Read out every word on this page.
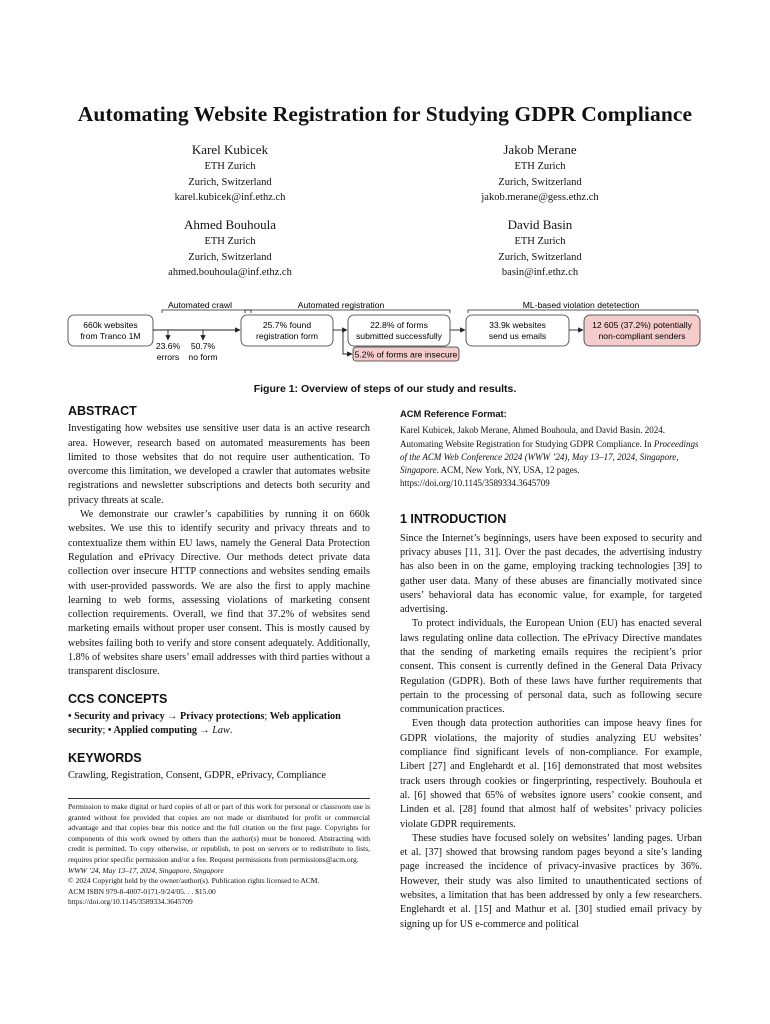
Automating Website Registration for Studying GDPR Compliance
Karel Kubicek
ETH Zurich
Zurich, Switzerland
karel.kubicek@inf.ethz.ch
Jakob Merane
ETH Zurich
Zurich, Switzerland
jakob.merane@gess.ethz.ch
Ahmed Bouhoula
ETH Zurich
Zurich, Switzerland
ahmed.bouhoula@inf.ethz.ch
David Basin
ETH Zurich
Zurich, Switzerland
basin@inf.ethz.ch
Automated crawl	Automated registration	ML-based violation detetection
660k websites
from Tranco 1M
23.6%
errors
50.7%
no form
25.7% found
registration form
22.8% of forms
submitted successfully
5.2% of forms are insecure
33.9k websites
send us emails
12 605 (37.2%) potentially
non-compliant senders
Figure 1: Overview of steps of our study and results.
ABSTRACT

Investigating how websites use sensitive user data is an active research area. However, research based on automated measurements has been limited to those websites that do not require user authentication. To overcome this limitation, we developed a crawler that automates website registrations and newsletter subscriptions and detects both security and privacy threats at scale.

We demonstrate our crawler’s capabilities by running it on 660k websites. We use this to identify security and privacy threats and to contextualize them within EU laws, namely the General Data Protection Regulation and ePrivacy Directive. Our methods detect private data collection over insecure HTTP connections and websites sending emails with user-provided passwords. We are also the first to apply machine learning to web forms, assessing violations of marketing consent collection requirements. Overall, we find that 37.2% of websites send marketing emails without proper user consent. This is mostly caused by websites failing both to verify and store consent adequately. Additionally, 1.8% of websites share users’ email addresses with third parties without a transparent disclosure.

CCS CONCEPTS

• Security and privacy → Privacy protections; Web application security; • Applied computing → Law.

KEYWORDS

Crawling, Registration, Consent, GDPR, ePrivacy, Compliance

Permission to make digital or hard copies of all or part of this work for personal or classroom use is granted without fee provided that copies are not made or distributed for profit or commercial advantage and that copies bear this notice and the full citation on the first page. Copyrights for components of this work owned by others than the author(s) must be honored. Abstracting with credit is permitted. To copy otherwise, or republish, to post on servers or to redistribute to lists, requires prior specific permission and/or a fee. Request permissions from permissions@acm.org.

WWW ’24, May 13–17, 2024, Singapore, Singapore

© 2024 Copyright held by the owner/author(s). Publication rights licensed to ACM.

ACM ISBN 979-8-4007-0171-9/24/05. . . $15.00

https://doi.org/10.1145/3589334.3645709

ACM Reference Format:

Karel Kubicek, Jakob Merane, Ahmed Bouhoula, and David Basin. 2024. Automating Website Registration for Studying GDPR Compliance. In Proceedings of the ACM Web Conference 2024 (WWW ’24), May 13–17, 2024, Singapore, Singapore. ACM, New York, NY, USA, 12 pages. https://doi.org/10.1145/3589334.3645709

1 INTRODUCTION

Since the Internet’s beginnings, users have been exposed to security and privacy abuses [11, 31]. Over the past decades, the advertising industry has also been in on the game, employing tracking technologies [39] to gather user data. Many of these abuses are financially motivated since users’ behavioral data has economic value, for example, for targeted advertising.

To protect individuals, the European Union (EU) has enacted several laws regulating online data collection. The ePrivacy Directive mandates that the sending of marketing emails requires the recipient’s prior consent. This consent is currently defined in the General Data Privacy Regulation (GDPR). Both of these laws have further requirements that pertain to the processing of personal data, such as following secure communication practices.

Even though data protection authorities can impose heavy fines for GDPR violations, the majority of studies analyzing EU websites’ compliance find significant levels of non-compliance. For example, Libert [27] and Englehardt et al. [16] demonstrated that most websites track users through cookies or fingerprinting, respectively. Bouhoula et al. [6] showed that 65% of websites ignore users’ cookie consent, and Linden et al. [28] found that almost half of websites’ privacy policies violate GDPR requirements.

These studies have focused solely on websites’ landing pages. Urban et al. [37] showed that browsing random pages beyond a site’s landing page increased the incidence of privacy-invasive practices by 36%. However, their study was also limited to unauthenticated sections of websites, a limitation that has been addressed by only a few researchers. Englehardt et al. [15] and Mathur et al. [30] studied email privacy by signing up for US e-commerce and political
